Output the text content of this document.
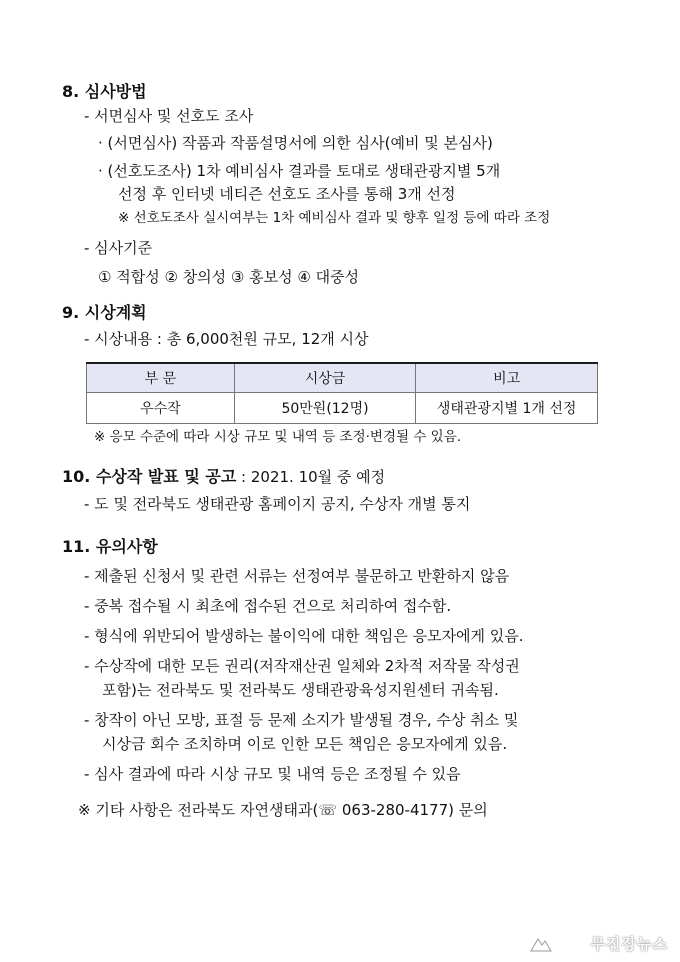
8. 심사방법
- 서면심사 및 선호도 조사
· (서면심사) 작품과 작품설명서에 의한 심사(예비 및 본심사)
· (선호도조사) 1차 예비심사 결과를 토대로 생태관광지별 5개
선정 후 인터넷 네티즌 선호도 조사를 통해 3개 선정
※ 선호도조사 실시여부는 1차 예비심사 결과 및 향후 일정 등에 따라 조정
- 심사기준
① 적합성 ② 창의성 ③ 홍보성 ④ 대중성
9. 시상계획
- 시상내용 : 총 6,000천원 규모, 12개 시상
부 문	시상금	비고
우수작	50만원(12명)	생태관광지별 1개 선정
※ 응모 수준에 따라 시상 규모 및 내역 등 조정·변경될 수 있음.
10. 수상작 발표 및 공고 : 2021. 10월 중 예정
- 도 및 전라북도 생태관광 홈페이지 공지, 수상자 개별 통지
11. 유의사항
- 제출된 신청서 및 관련 서류는 선정여부 불문하고 반환하지 않음
- 중복 접수될 시 최초에 접수된 건으로 처리하여 접수함.
- 형식에 위반되어 발생하는 불이익에 대한 책임은 응모자에게 있음.
- 수상작에 대한 모든 권리(저작재산권 일체와 2차적 저작물 작성권
포함)는 전라북도 및 전라북도 생태관광육성지원센터 귀속됨.
- 창작이 아닌 모방, 표절 등 문제 소지가 발생될 경우, 수상 취소 및
시상금 회수 조치하며 이로 인한 모든 책임은 응모자에게 있음.
- 심사 결과에 따라 시상 규모 및 내역 등은 조정될 수 있음
※ 기타 사항은 전라북도 자연생태과(☏ 063-280-4177) 문의
무진장뉴스
